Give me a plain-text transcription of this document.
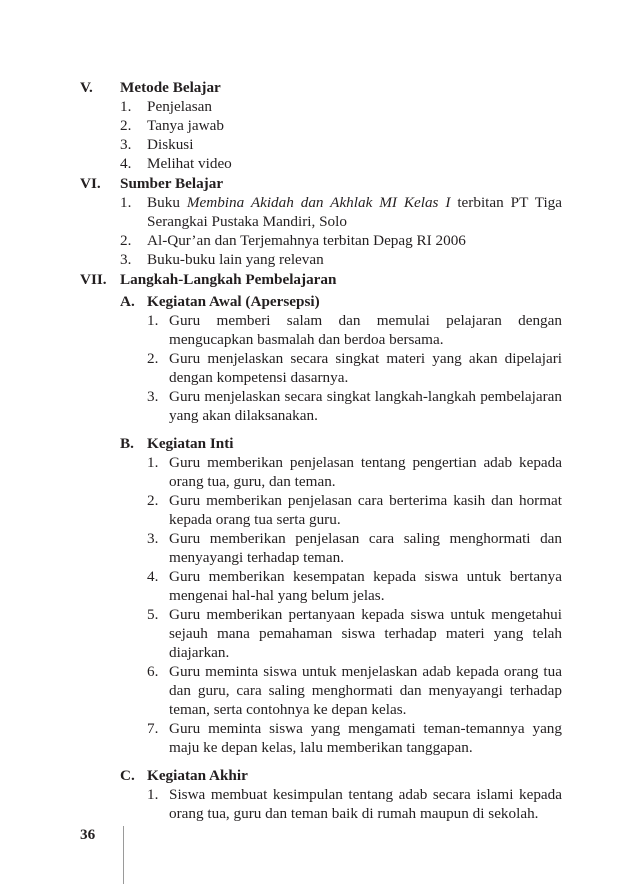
V. Metode Belajar
1. Penjelasan
2. Tanya jawab
3. Diskusi
4. Melihat video
VI. Sumber Belajar
1. Buku Membina Akidah dan Akhlak MI Kelas I terbitan PT Tiga Serangkai Pustaka Mandiri, Solo
2. Al-Qur’an dan Terjemahnya terbitan Depag RI 2006
3. Buku-buku lain yang relevan
VII. Langkah-Langkah Pembelajaran
A. Kegiatan Awal (Apersepsi)
1. Guru memberi salam dan memulai pelajaran dengan mengucapkan basmalah dan berdoa bersama.
2. Guru menjelaskan secara singkat materi yang akan dipelajari dengan kompetensi dasarnya.
3. Guru menjelaskan secara singkat langkah-langkah pembelajaran yang akan dilaksanakan.
B. Kegiatan Inti
1. Guru memberikan penjelasan tentang pengertian adab kepada orang tua, guru, dan teman.
2. Guru memberikan penjelasan cara berterima kasih dan hormat kepada orang tua serta guru.
3. Guru memberikan penjelasan cara saling menghormati dan menyayangi terhadap teman.
4. Guru memberikan kesempatan kepada siswa untuk bertanya mengenai hal-hal yang belum jelas.
5. Guru memberikan pertanyaan kepada siswa untuk mengetahui sejauh mana pemahaman siswa terhadap materi yang telah diajarkan.
6. Guru meminta siswa untuk menjelaskan adab kepada orang tua dan guru, cara saling menghormati dan menyayangi terhadap teman, serta contohnya ke depan kelas.
7. Guru meminta siswa yang mengamati teman-temannya yang maju ke depan kelas, lalu memberikan tanggapan.
C. Kegiatan Akhir
1. Siswa membuat kesimpulan tentang adab secara islami kepada orang tua, guru dan teman baik di rumah maupun di sekolah.
36
